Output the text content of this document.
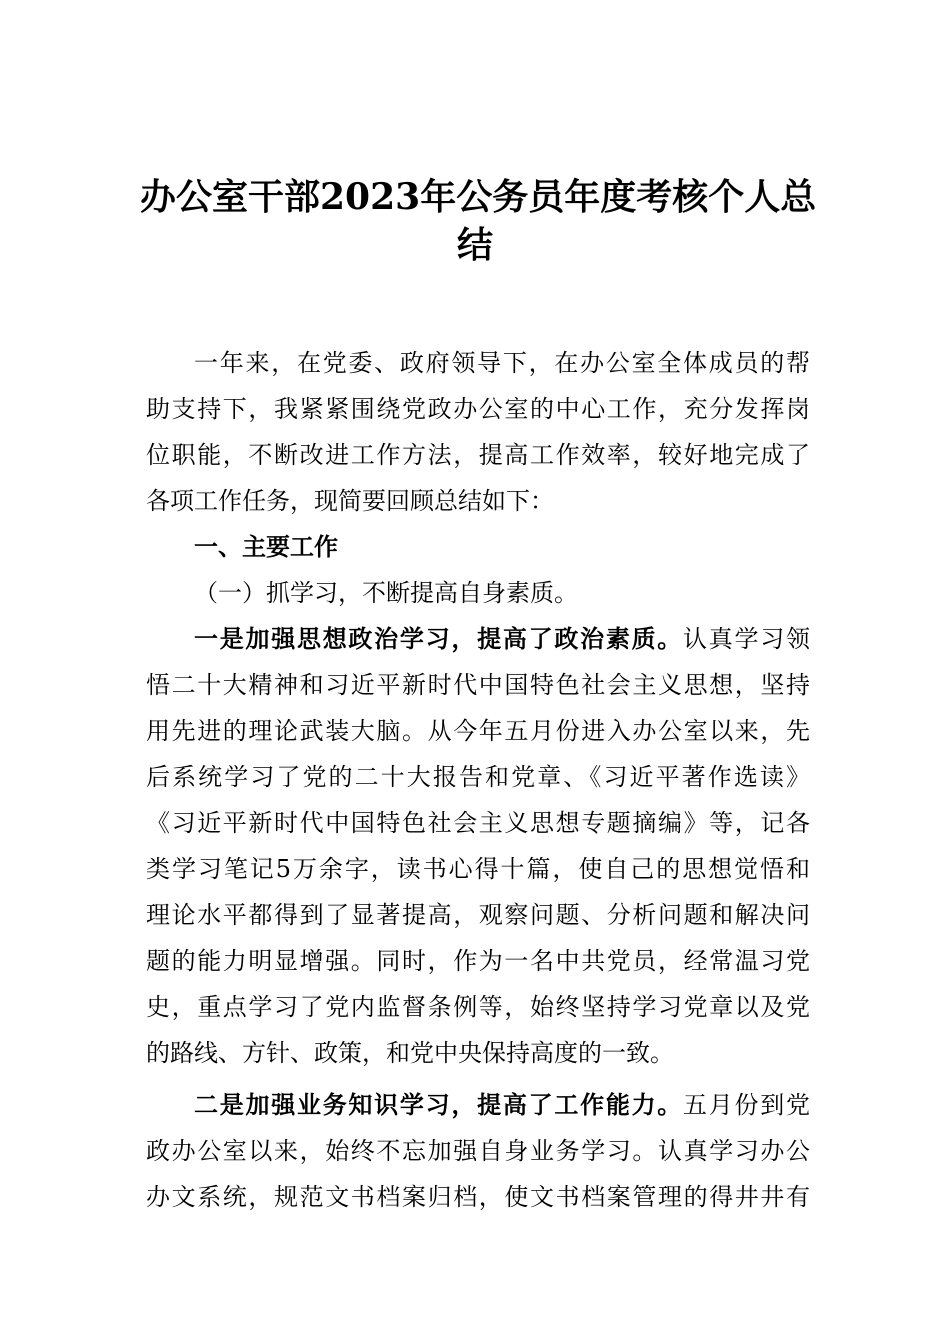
办公室干部2023年公务员年度考核个人总
结
一年来，在党委、政府领导下，在办公室全体成员的帮
助支持下，我紧紧围绕党政办公室的中心工作，充分发挥岗
位职能，不断改进工作方法，提高工作效率，较好地完成了
各项工作任务，现简要回顾总结如下：
一、主要工作
（一）抓学习，不断提高自身素质。
一是加强思想政治学习，提高了政治素质。认真学习领
悟二十大精神和习近平新时代中国特色社会主义思想，坚持
用先进的理论武装大脑。从今年五月份进入办公室以来，先
后系统学习了党的二十大报告和党章、《习近平著作选读》
《习近平新时代中国特色社会主义思想专题摘编》等，记各
类学习笔记5万余字，读书心得十篇，使自己的思想觉悟和
理论水平都得到了显著提高，观察问题、分析问题和解决问
题的能力明显增强。同时，作为一名中共党员，经常温习党
史，重点学习了党内监督条例等，始终坚持学习党章以及党
的路线、方针、政策，和党中央保持高度的一致。
二是加强业务知识学习，提高了工作能力。五月份到党
政办公室以来，始终不忘加强自身业务学习。认真学习办公
办文系统，规范文书档案归档，使文书档案管理的得井井有
